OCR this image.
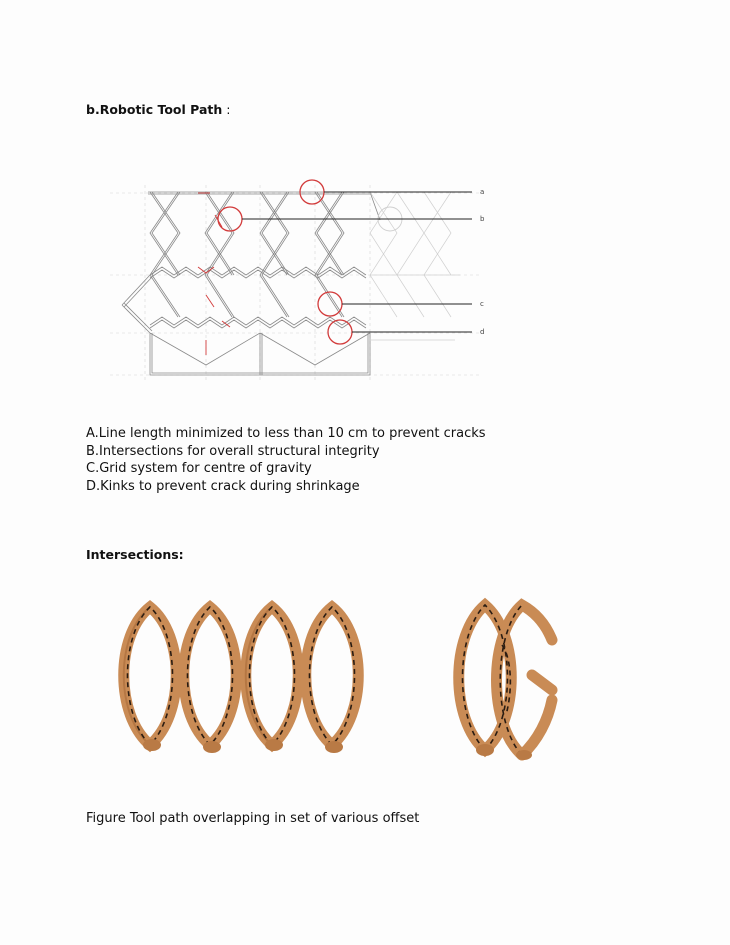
b.Robotic Tool Path :
a
b
c
d
A.Line length minimized to less than 10 cm to prevent cracks
B.Intersections for overall structural integrity
C.Grid system for centre of gravity
D.Kinks to prevent crack during shrinkage
Intersections:
Figure Tool path overlapping in set of various offset
